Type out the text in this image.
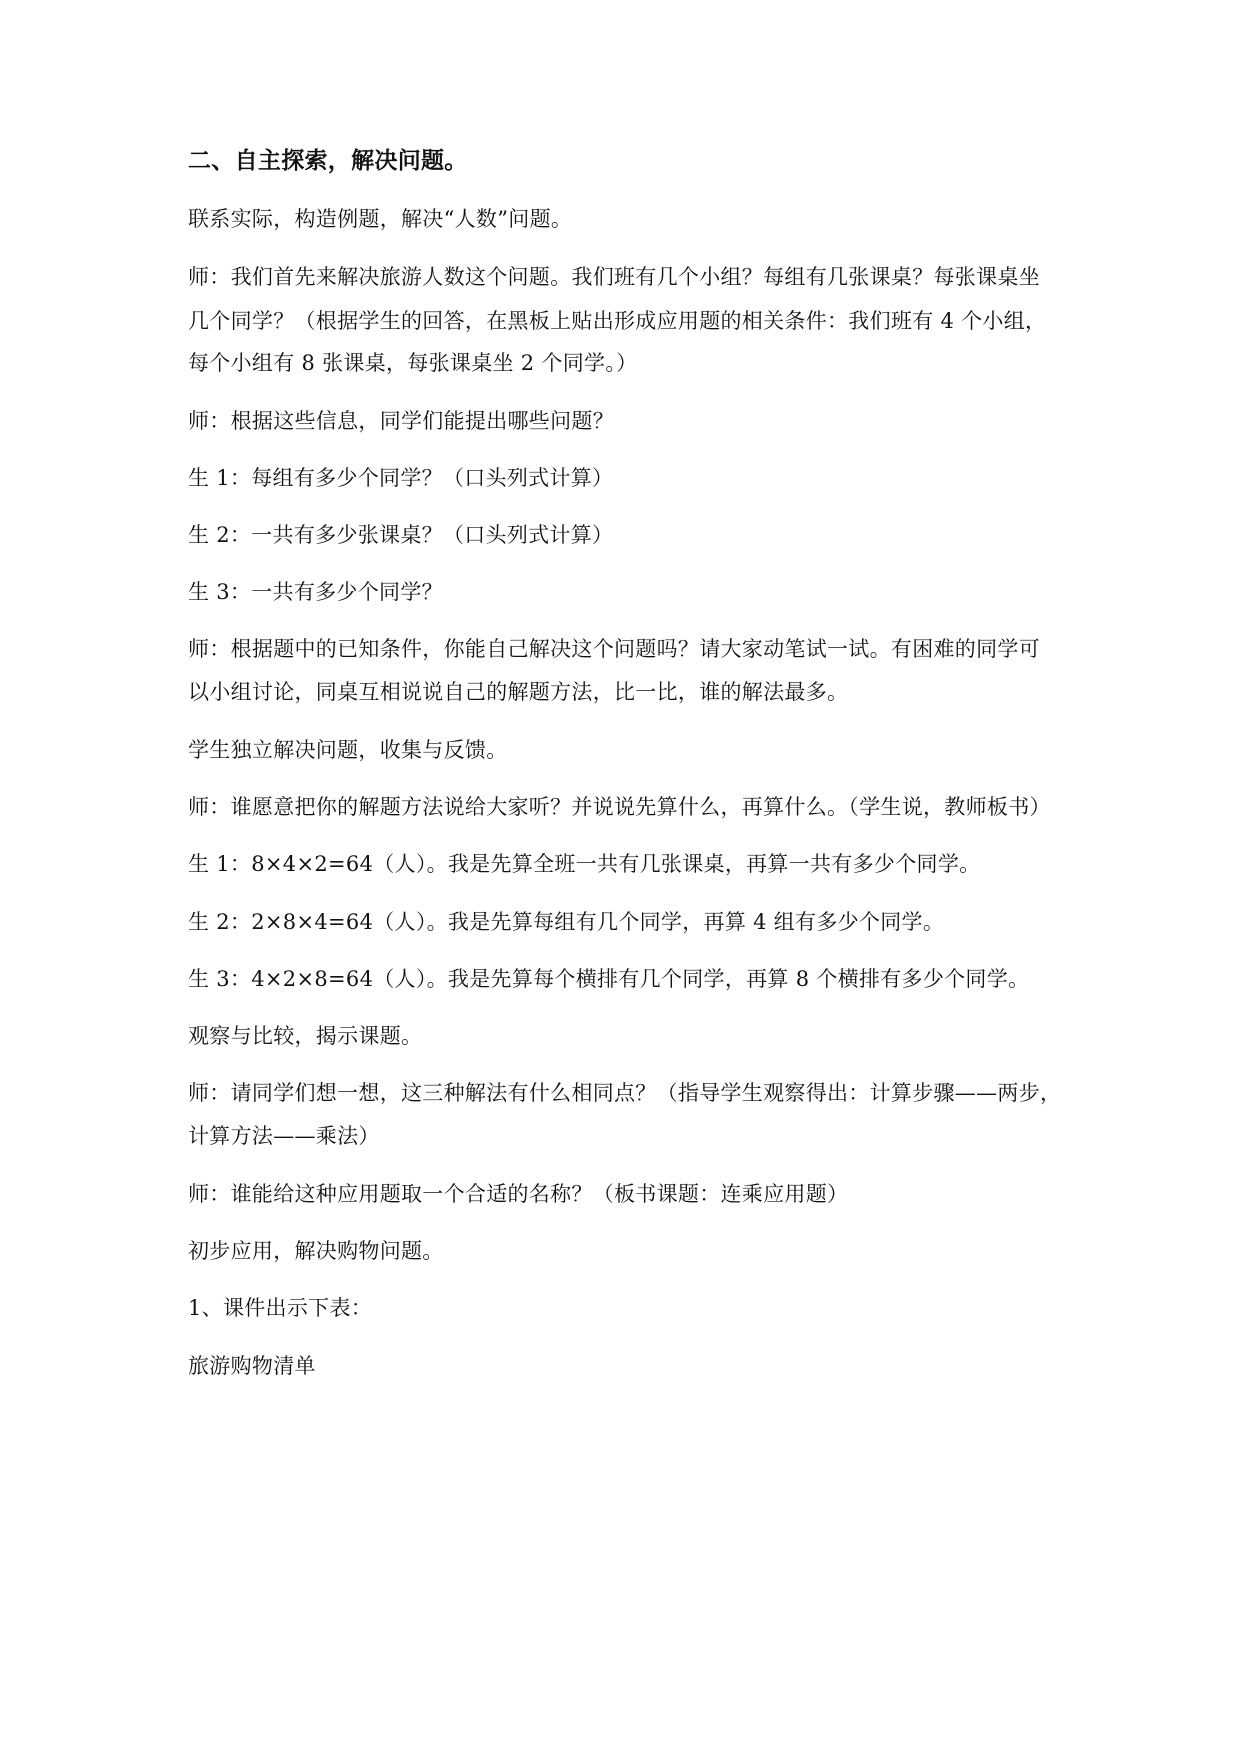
二、自主探索，解决问题。
联系实际，构造例题，解决“人数”问题。
师：我们首先来解决旅游人数这个问题。我们班有几个小组？每组有几张课桌？每张课桌坐
几个同学？（根据学生的回答，在黑板上贴出形成应用题的相关条件：我们班有 4 个小组，
每个小组有 8 张课桌，每张课桌坐 2 个同学。）
师：根据这些信息，同学们能提出哪些问题？
生 1：每组有多少个同学？（口头列式计算）
生 2：一共有多少张课桌？（口头列式计算）
生 3：一共有多少个同学？
师：根据题中的已知条件，你能自己解决这个问题吗？请大家动笔试一试。有困难的同学可
以小组讨论，同桌互相说说自己的解题方法，比一比，谁的解法最多。
学生独立解决问题，收集与反馈。
师：谁愿意把你的解题方法说给大家听？并说说先算什么，再算什么。（学生说，教师板书）
生 1：8×4×2=64（人）。我是先算全班一共有几张课桌，再算一共有多少个同学。
生 2：2×8×4=64（人）。我是先算每组有几个同学，再算 4 组有多少个同学。
生 3：4×2×8=64（人）。我是先算每个横排有几个同学，再算 8 个横排有多少个同学。
观察与比较，揭示课题。
师：请同学们想一想，这三种解法有什么相同点？（指导学生观察得出：计算步骤——两步，
计算方法——乘法）
师：谁能给这种应用题取一个合适的名称？（板书课题：连乘应用题）
初步应用，解决购物问题。
1、课件出示下表：
旅游购物清单
